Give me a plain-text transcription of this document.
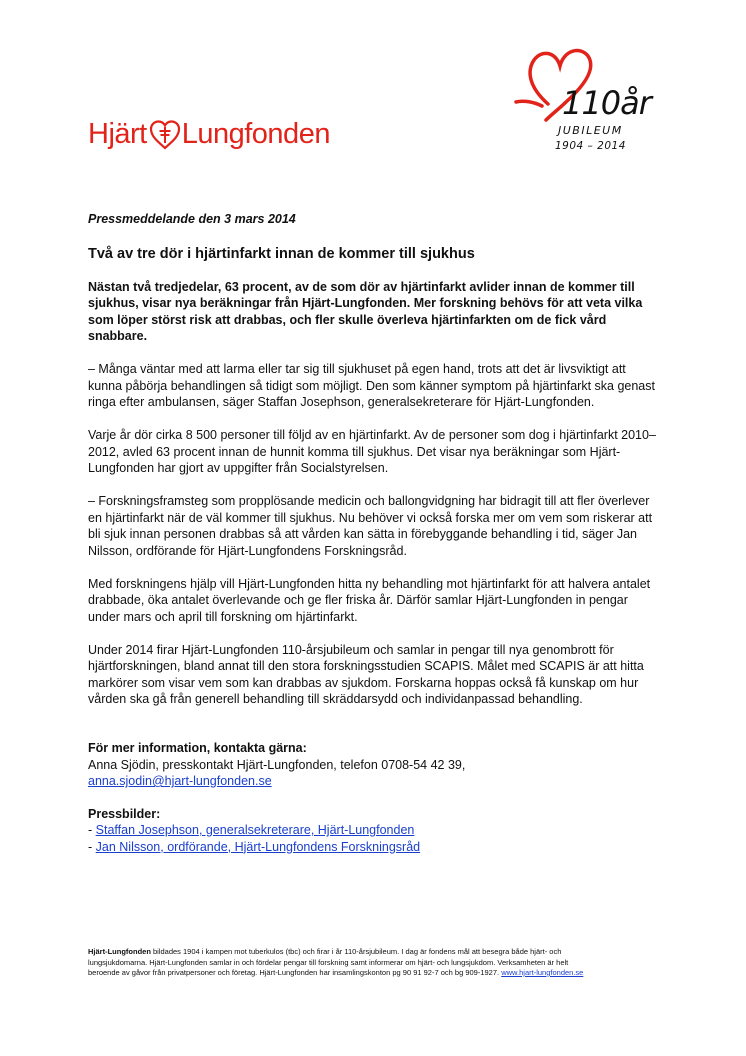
Hjärt Lungfonden
110år
JUBILEUM
1904 – 2014
Pressmeddelande den 3 mars 2014
Två av tre dör i hjärtinfarkt innan de kommer till sjukhus

Nästan två tredjedelar, 63 procent, av de som dör av hjärtinfarkt avlider innan de kommer till sjukhus, visar nya beräkningar från Hjärt-Lungfonden. Mer forskning behövs för att veta vilka som löper störst risk att drabbas, och fler skulle överleva hjärtinfarkten om de fick vård snabbare.

– Många väntar med att larma eller tar sig till sjukhuset på egen hand, trots att det är livsviktigt att kunna påbörja behandlingen så tidigt som möjligt. Den som känner symptom på hjärtinfarkt ska genast ringa efter ambulansen, säger Staffan Josephson, generalsekreterare för Hjärt-Lungfonden.

Varje år dör cirka 8 500 personer till följd av en hjärtinfarkt. Av de personer som dog i hjärtinfarkt 2010–2012, avled 63 procent innan de hunnit komma till sjukhus. Det visar nya beräkningar som Hjärt-Lungfonden har gjort av uppgifter från Socialstyrelsen.

– Forskningsframsteg som propplösande medicin och ballongvidgning har bidragit till att fler överlever en hjärtinfarkt när de väl kommer till sjukhus. Nu behöver vi också forska mer om vem som riskerar att bli sjuk innan personen drabbas så att vården kan sätta in förebyggande behandling i tid, säger Jan Nilsson, ordförande för Hjärt-Lungfondens Forskningsråd.

Med forskningens hjälp vill Hjärt-Lungfonden hitta ny behandling mot hjärtinfarkt för att halvera antalet drabbade, öka antalet överlevande och ge fler friska år. Därför samlar Hjärt-Lungfonden in pengar under mars och april till forskning om hjärtinfarkt.

Under 2014 firar Hjärt-Lungfonden 110-årsjubileum och samlar in pengar till nya genombrott för hjärtforskningen, bland annat till den stora forskningsstudien SCAPIS. Målet med SCAPIS är att hitta markörer som visar vem som kan drabbas av sjukdom. Forskarna hoppas också få kunskap om hur vården ska gå från generell behandling till skräddarsydd och individanpassad behandling.

För mer information, kontakta gärna:
Anna Sjödin, presskontakt Hjärt-Lungfonden, telefon 0708-54 42 39,
anna.sjodin@hjart-lungfonden.se
Pressbilder:
- Staffan Josephson, generalsekreterare, Hjärt-Lungfonden
- Jan Nilsson, ordförande, Hjärt-Lungfondens Forskningsråd
Hjärt-Lungfonden bildades 1904 i kampen mot tuberkulos (tbc) och firar i år 110-årsjubileum. I dag är fondens mål att besegra både hjärt- och lungsjukdomarna. Hjärt-Lungfonden samlar in och fördelar pengar till forskning samt informerar om hjärt- och lungsjukdom. Verksamheten är helt beroende av gåvor från privatpersoner och företag. Hjärt-Lungfonden har insamlingskonton pg 90 91 92-7 och bg 909-1927. www.hjart-lungfonden.se
